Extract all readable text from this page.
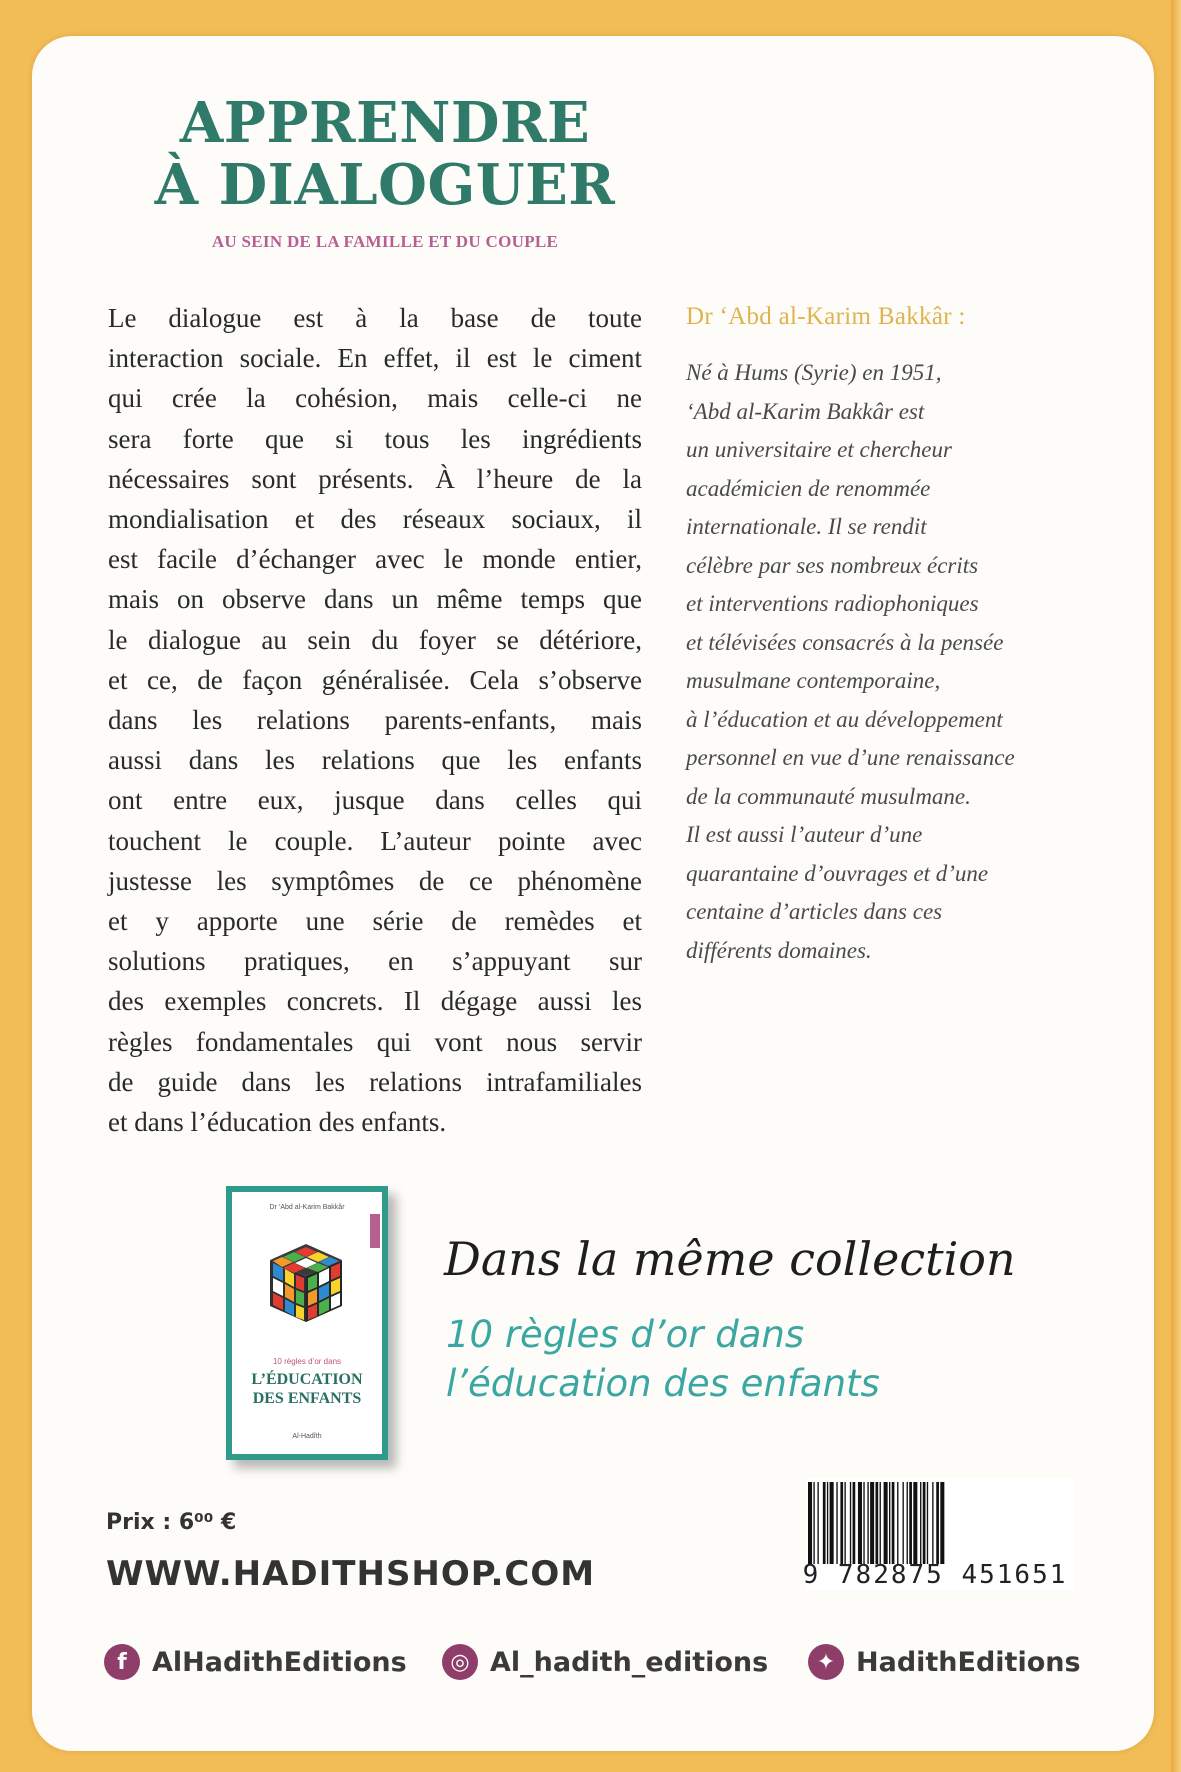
APPRENDRE
À DIALOGUER
AU SEIN DE LA FAMILLE ET DU COUPLE
Le dialogue est à la base de toute
interaction sociale. En effet, il est le ciment
qui crée la cohésion, mais celle-ci ne
sera forte que si tous les ingrédients
nécessaires sont présents. À l’heure de la
mondialisation et des réseaux sociaux, il
est facile d’échanger avec le monde entier,
mais on observe dans un même temps que
le dialogue au sein du foyer se détériore,
et ce, de façon généralisée. Cela s’observe
dans les relations parents-enfants, mais
aussi dans les relations que les enfants
ont entre eux, jusque dans celles qui
touchent le couple. L’auteur pointe avec
justesse les symptômes de ce phénomène
et y apporte une série de remèdes et
solutions pratiques, en s’appuyant sur
des exemples concrets. Il dégage aussi les
règles fondamentales qui vont nous servir
de guide dans les relations intrafamiliales
et dans l’éducation des enfants.
Dr ‘Abd al-Karim Bakkâr :
Né à Hums (Syrie) en 1951,
‘Abd al-Karim Bakkâr est
un universitaire et chercheur
académicien de renommée
internationale. Il se rendit
célèbre par ses nombreux écrits
et interventions radiophoniques
et télévisées consacrés à la pensée
musulmane contemporaine,
à l’éducation et au développement
personnel en vue d’une renaissance
de la communauté musulmane.
Il est aussi l’auteur d’une
quarantaine d’ouvrages et d’une
centaine d’articles dans ces
différents domaines.
Dr ‘Abd al-Karim Bakkâr
10 règles d’or dans
L’ÉDUCATION
DES ENFANTS
Al-Hadîth
Dans la même collection
10 règles d’or dans
l’éducation des enfants
Prix : 6⁰⁰ €
WWW.HADITHSHOP.COM	9 782875 451651
f AlHadithEditions	◎ Al_hadith_editions	✦ HadithEditions
